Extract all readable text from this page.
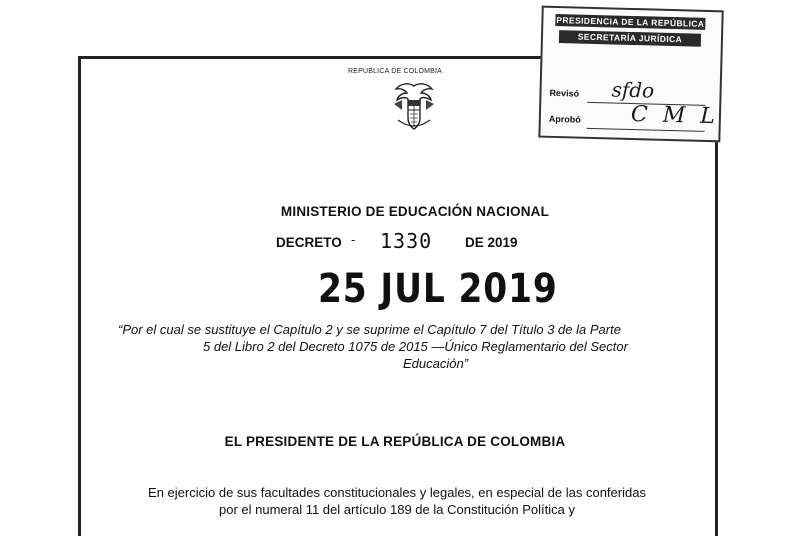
REPÚBLICA DE COLOMBIA
MINISTERIO DE EDUCACIÓN NACIONAL
DECRETO - 1330 DE 2019
25 JUL 2019
“Por el cual se sustituye el Capítulo 2 y se suprime el Capítulo 7 del Título 3 de la Parte
5 del Libro 2 del Decreto 1075 de 2015 —Único Reglamentario del Sector
Educación”
EL PRESIDENTE DE LA REPÚBLICA DE COLOMBIA
En ejercicio de sus facultades constitucionales y legales, en especial de las conferidas
por el numeral 11 del artículo 189 de la Constitución Política y
PRESIDENCIA DE LA REPÚBLICA
SECRETARÍA JURÍDICA
Revisó sfdo
Aprobó C M L
